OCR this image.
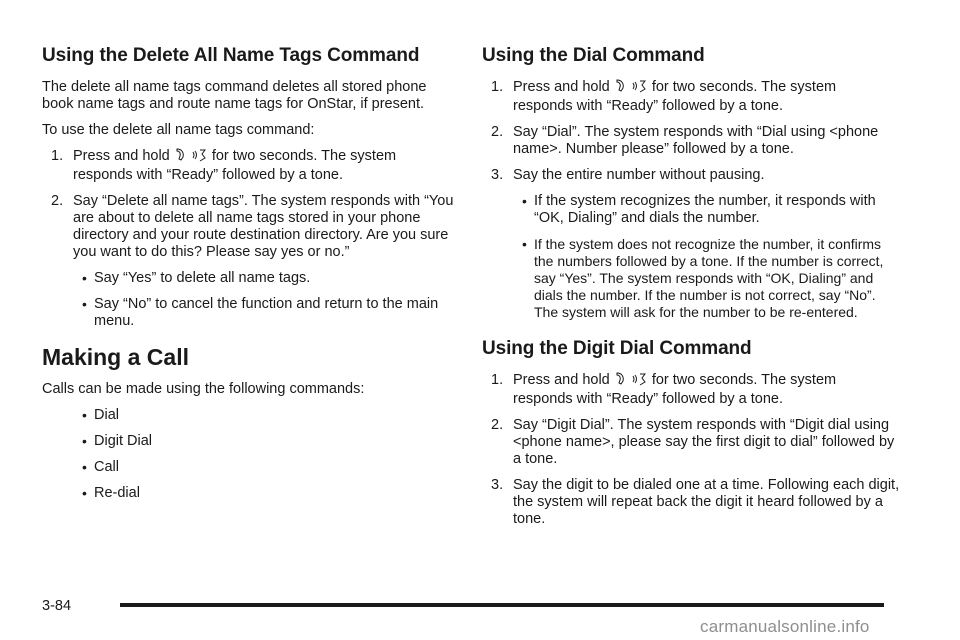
Using the Delete All Name Tags Command
The delete all name tags command deletes all stored phone book name tags and route name tags for OnStar, if present.
To use the delete all name tags command:
1. Press and hold	for two seconds. The system
responds with “Ready” followed by a tone.
2. Say “Delete all name tags”. The system responds with “You are about to delete all name tags stored in your phone directory and your route destination directory. Are you sure you want to do this? Please say yes or no.”
• Say “Yes” to delete all name tags.
• Say “No” to cancel the function and return to the main menu.
Making a Call
Calls can be made using the following commands:
• Dial
• Digit Dial
• Call
• Re-dial
Using the Dial Command
1. Press and hold	for two seconds. The system
responds with “Ready” followed by a tone.
2. Say “Dial”. The system responds with “Dial using <phone name>. Number please” followed by a tone.
3. Say the entire number without pausing.
• If the system recognizes the number, it responds with “OK, Dialing” and dials the number.
• If the system does not recognize the number, it confirms the numbers followed by a tone. If the number is correct, say “Yes”. The system responds with “OK, Dialing” and dials the number. If the number is not correct, say “No”. The system will ask for the number to be re-entered.
Using the Digit Dial Command
1. Press and hold	for two seconds. The system
responds with “Ready” followed by a tone.
2. Say “Digit Dial”. The system responds with “Digit dial using <phone name>, please say the first digit to dial” followed by a tone.
3. Say the digit to be dialed one at a time. Following each digit, the system will repeat back the digit it heard followed by a tone.
3-84
carmanualsonline.info
